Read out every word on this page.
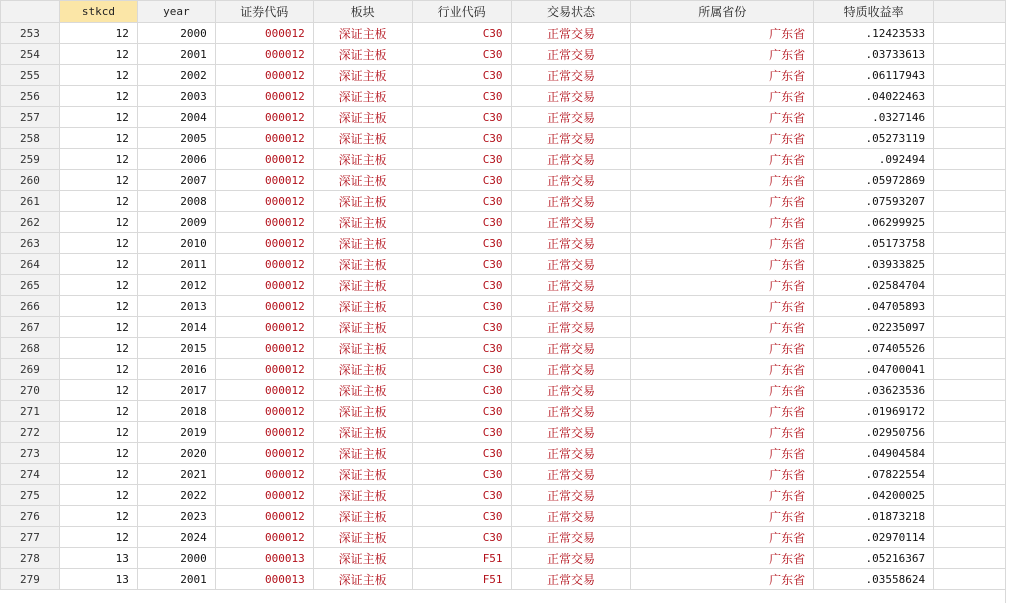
	stkcd	year	证券代码	板块	行业代码	交易状态	所属省份	特质收益率	
253	12	2000	000012	深证主板	C30	正常交易	广东省	.12423533	
254	12	2001	000012	深证主板	C30	正常交易	广东省	.03733613	
255	12	2002	000012	深证主板	C30	正常交易	广东省	.06117943	
256	12	2003	000012	深证主板	C30	正常交易	广东省	.04022463	
257	12	2004	000012	深证主板	C30	正常交易	广东省	.0327146	
258	12	2005	000012	深证主板	C30	正常交易	广东省	.05273119	
259	12	2006	000012	深证主板	C30	正常交易	广东省	.092494	
260	12	2007	000012	深证主板	C30	正常交易	广东省	.05972869	
261	12	2008	000012	深证主板	C30	正常交易	广东省	.07593207	
262	12	2009	000012	深证主板	C30	正常交易	广东省	.06299925	
263	12	2010	000012	深证主板	C30	正常交易	广东省	.05173758	
264	12	2011	000012	深证主板	C30	正常交易	广东省	.03933825	
265	12	2012	000012	深证主板	C30	正常交易	广东省	.02584704	
266	12	2013	000012	深证主板	C30	正常交易	广东省	.04705893	
267	12	2014	000012	深证主板	C30	正常交易	广东省	.02235097	
268	12	2015	000012	深证主板	C30	正常交易	广东省	.07405526	
269	12	2016	000012	深证主板	C30	正常交易	广东省	.04700041	
270	12	2017	000012	深证主板	C30	正常交易	广东省	.03623536	
271	12	2018	000012	深证主板	C30	正常交易	广东省	.01969172	
272	12	2019	000012	深证主板	C30	正常交易	广东省	.02950756	
273	12	2020	000012	深证主板	C30	正常交易	广东省	.04904584	
274	12	2021	000012	深证主板	C30	正常交易	广东省	.07822554	
275	12	2022	000012	深证主板	C30	正常交易	广东省	.04200025	
276	12	2023	000012	深证主板	C30	正常交易	广东省	.01873218	
277	12	2024	000012	深证主板	C30	正常交易	广东省	.02970114	
278	13	2000	000013	深证主板	F51	正常交易	广东省	.05216367	
279	13	2001	000013	深证主板	F51	正常交易	广东省	.03558624	
